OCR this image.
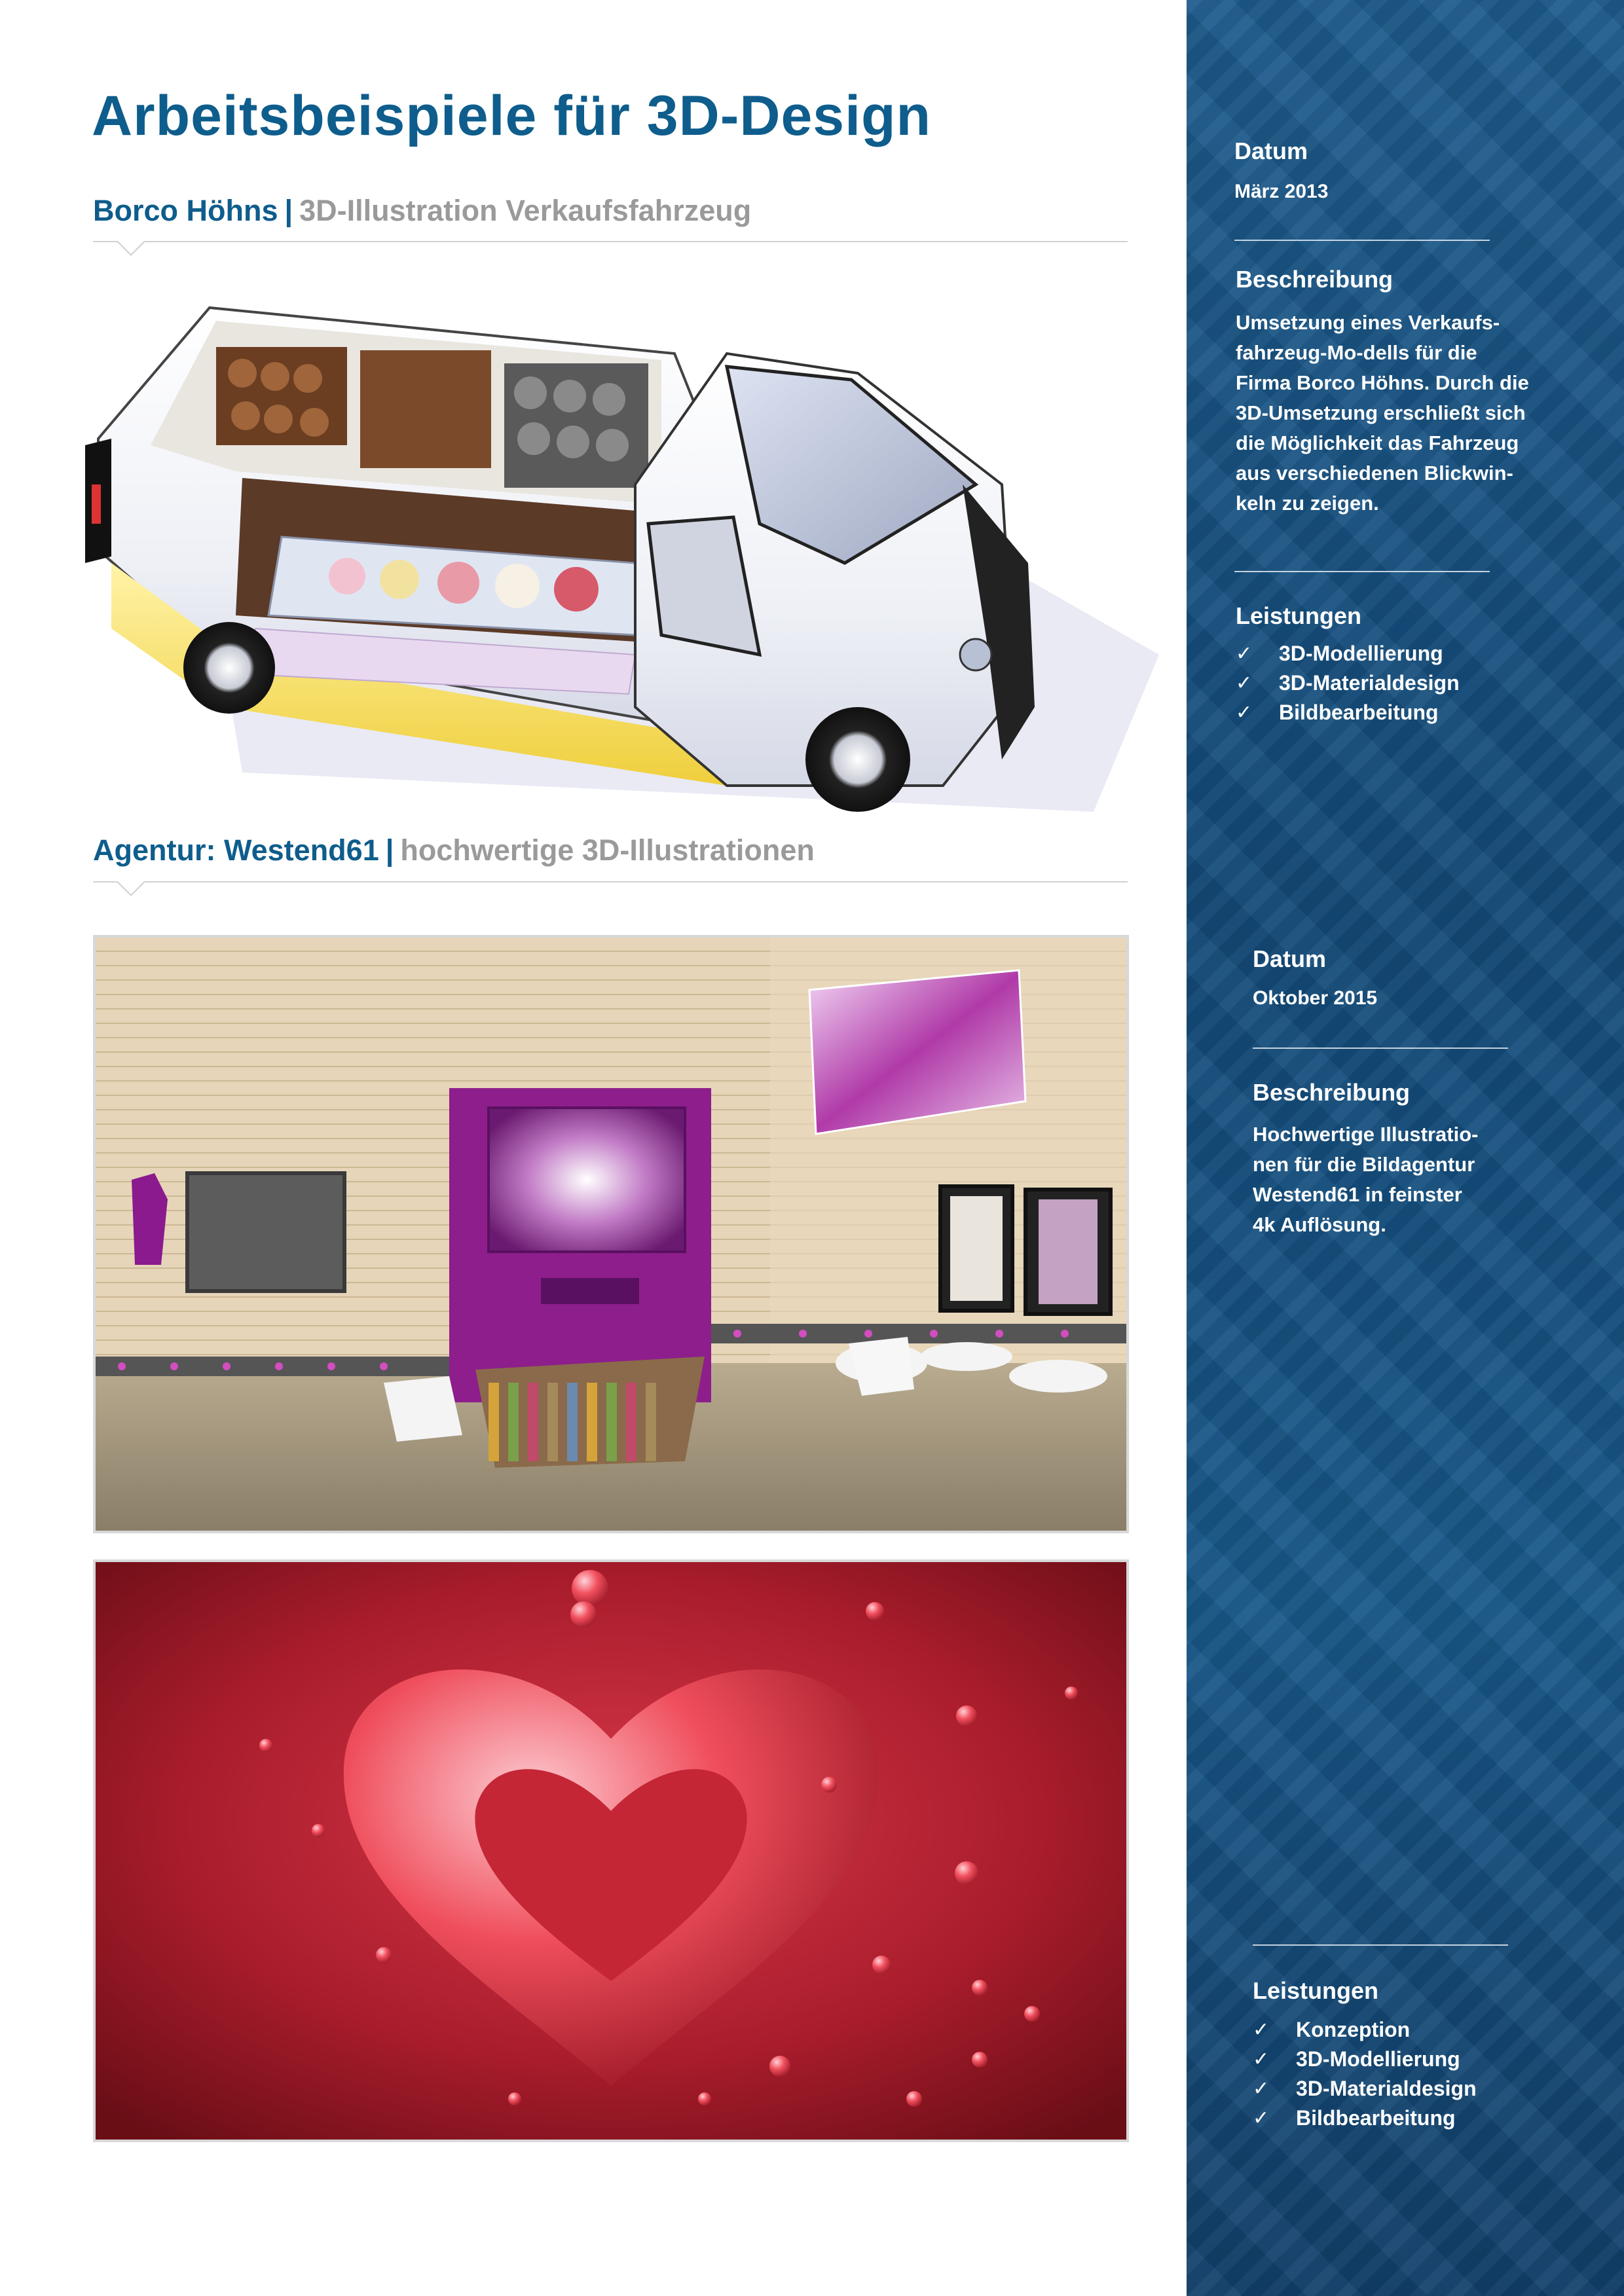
Arbeitsbeispiele für 3D-Design
Borco Höhns | 3D-Illustration Verkaufsfahrzeug
Agentur: Westend61 | hochwertige 3D-Illustrationen

Datum

März 2013

Beschreibung

Umsetzung eines Verkaufs-
fahrzeug-Mo-dells für die
Firma Borco Höhns. Durch die
3D-Umsetzung erschließt sich
die Möglichkeit das Fahrzeug
aus verschiedenen Blickwin-
keln zu zeigen.

Leistungen

✓ 3D-Modellierung
✓ 3D-Materialdesign
✓ Bildbearbeitung

Datum

Oktober 2015

Beschreibung

Hochwertige Illustratio-
nen für die Bildagentur
Westend61 in feinster
4k Auflösung.

Leistungen

✓ Konzeption
✓ 3D-Modellierung
✓ 3D-Materialdesign
✓ Bildbearbeitung
